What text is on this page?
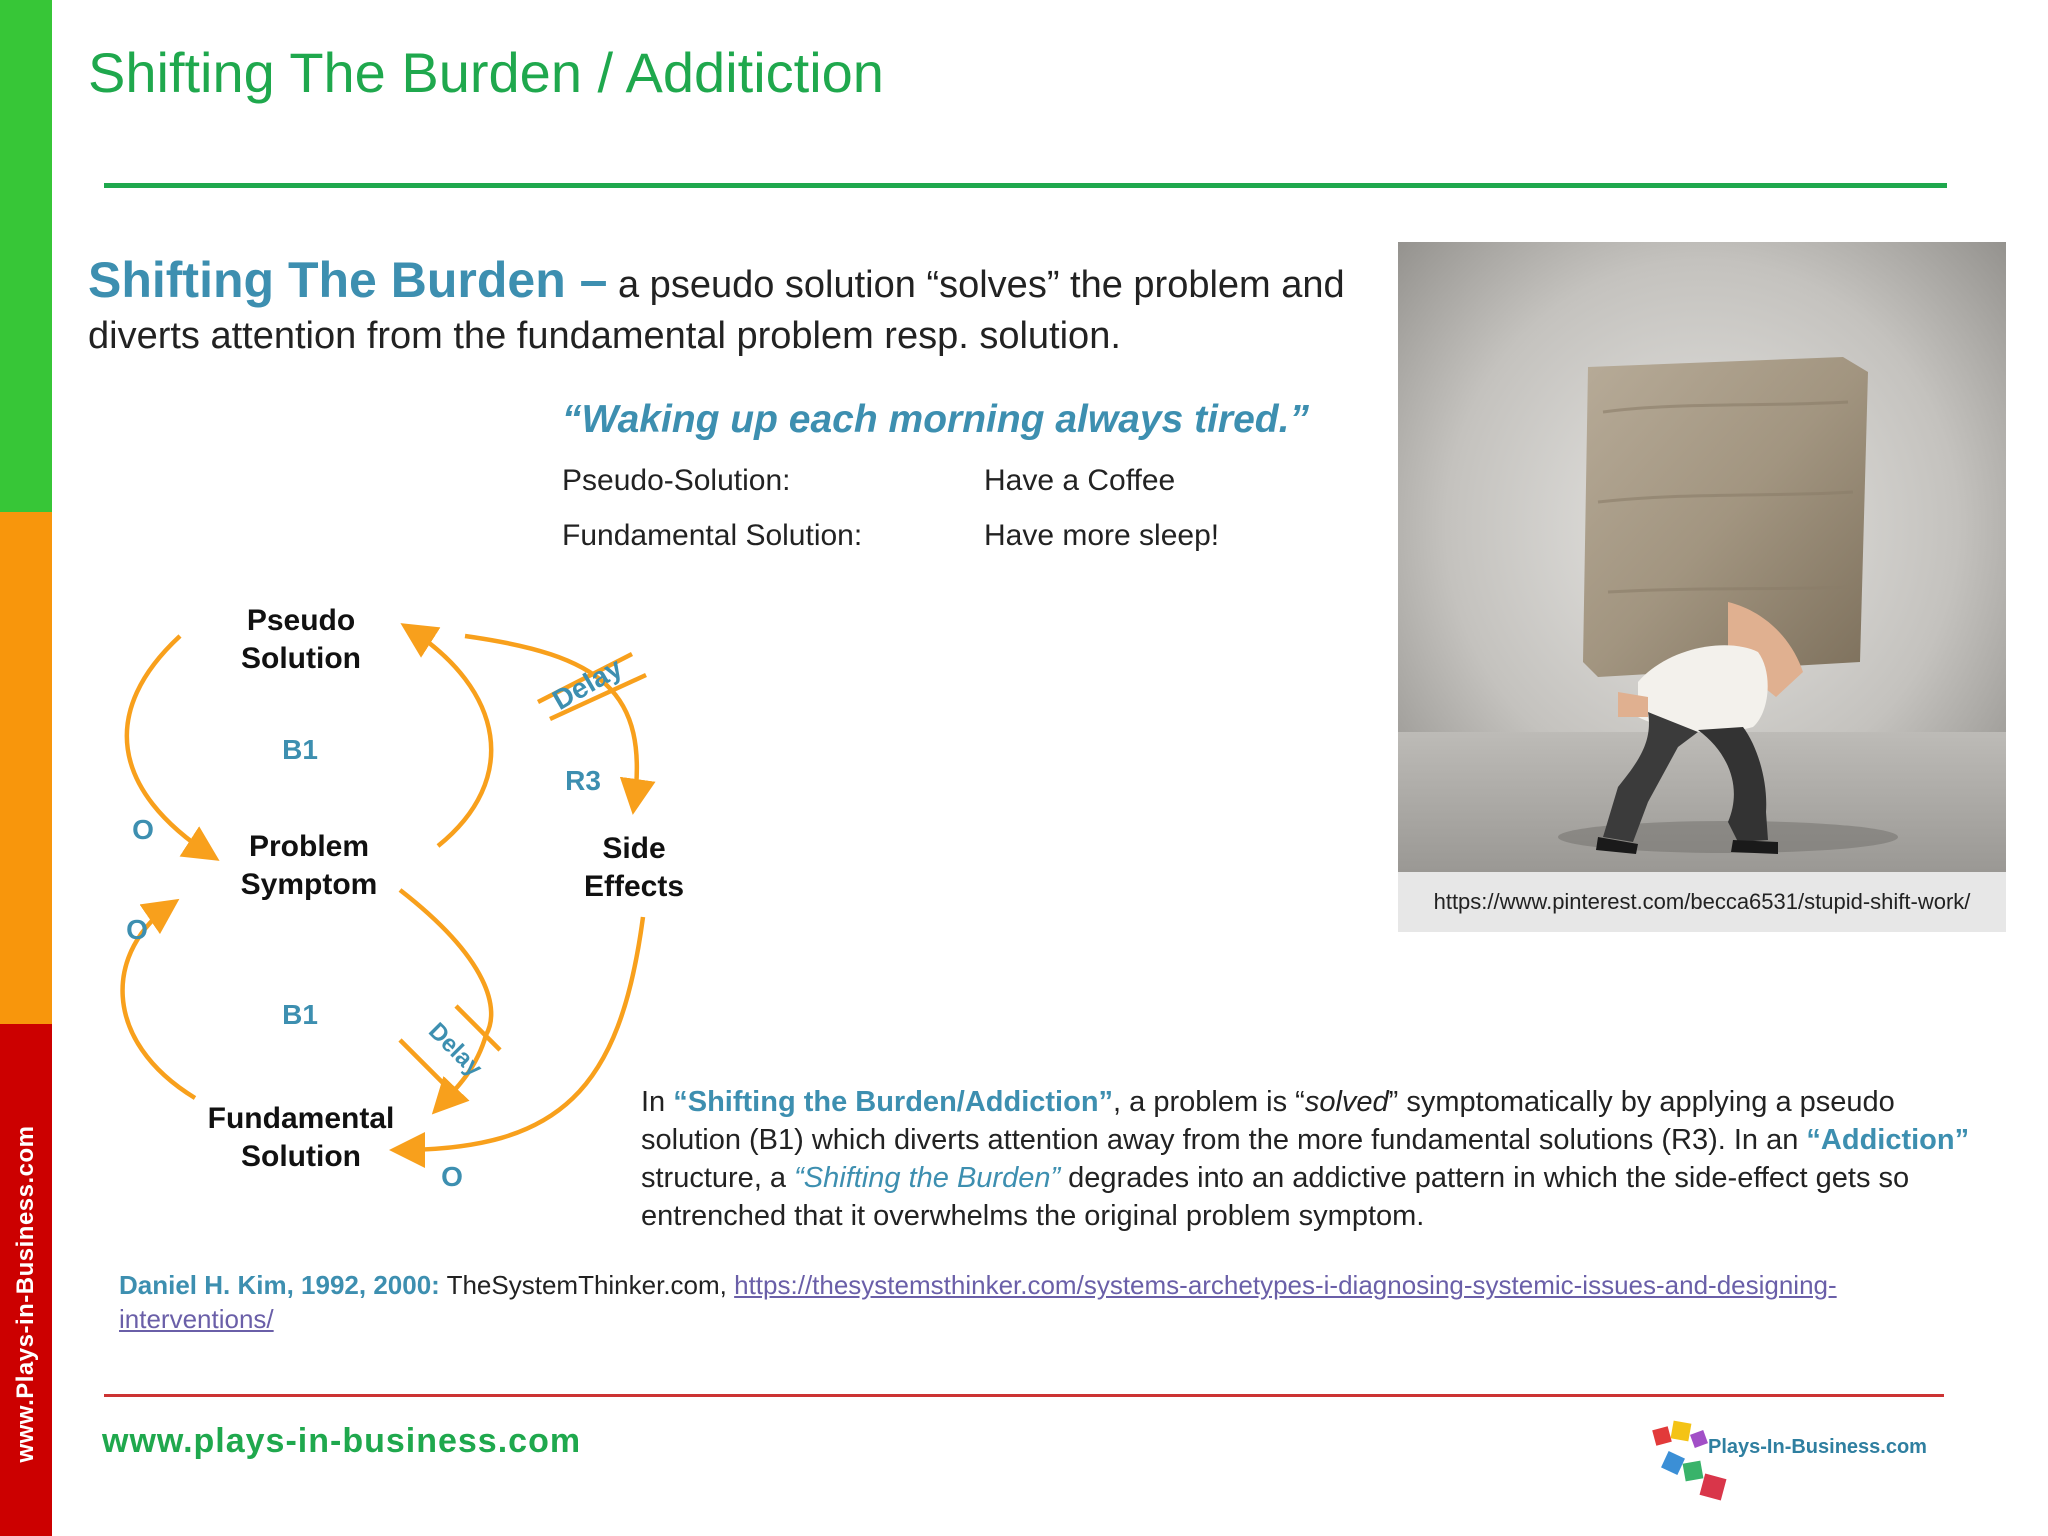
www.Plays-in-Business.com
Shifting The Burden / Additiction
Shifting The Burden – a pseudo solution “solves” the problem and diverts attention from the fundamental problem resp. solution.
“Waking up each morning always tired.”
Pseudo-Solution:	Have a Coffee
Fundamental Solution:	Have more sleep!
Pseudo
Solution
Problem
Symptom
Side
Effects
Fundamental
Solution
B1
B1
R3
O
O
O
Delay
Delay
https://www.pinterest.com/becca6531/stupid-shift-work/
In “Shifting the Burden/Addiction”, a problem is “solved” symptomatically by applying a pseudo solution (B1) which diverts attention away from the more fundamental solutions (R3). In an “Addiction” structure, a “Shifting the Burden” degrades into an addictive pattern in which the side-effect gets so entrenched that it overwhelms the original problem symptom.
Daniel H. Kim, 1992, 2000: TheSystemThinker.com, https://thesystemsthinker.com/systems-archetypes-i-diagnosing-systemic-issues-and-designing-interventions/
www.plays-in-business.com	Plays-In-Business.com
